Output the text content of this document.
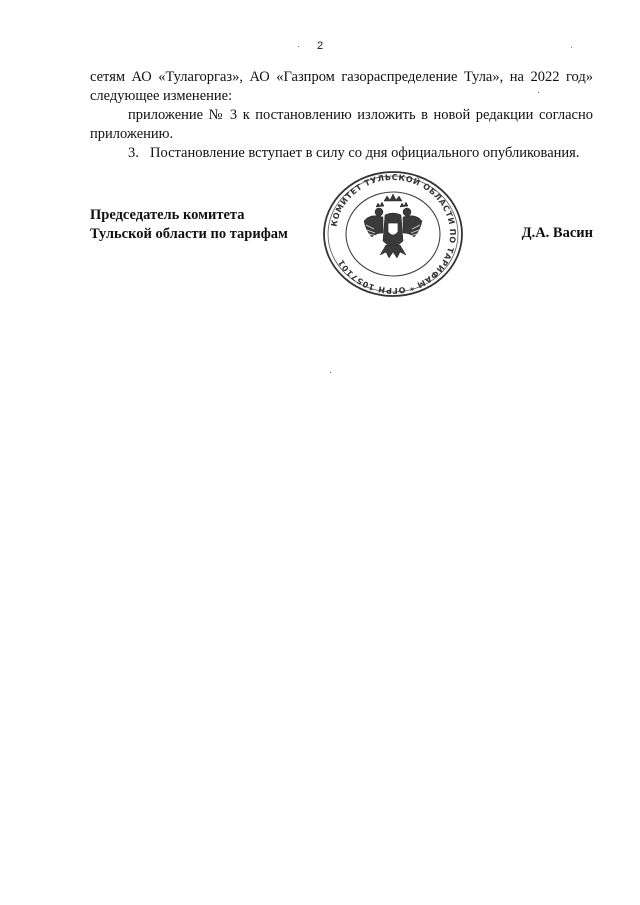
2

сетям АО «Тулагоргаз», АО «Газпром газораспределение Тула», на 2022 год»

следующее изменение:

приложение № 3 к постановлению изложить в новой редакции согласно приложению.

3. Постановление вступает в силу со дня официального опубликования.

Председатель комитета
Тульской области по тарифам	Д.А. Васин
КОМИТЕТ ТУЛЬСКОЙ ОБЛАСТИ ПО ТАРИФАМ * ОГРН 1057101
